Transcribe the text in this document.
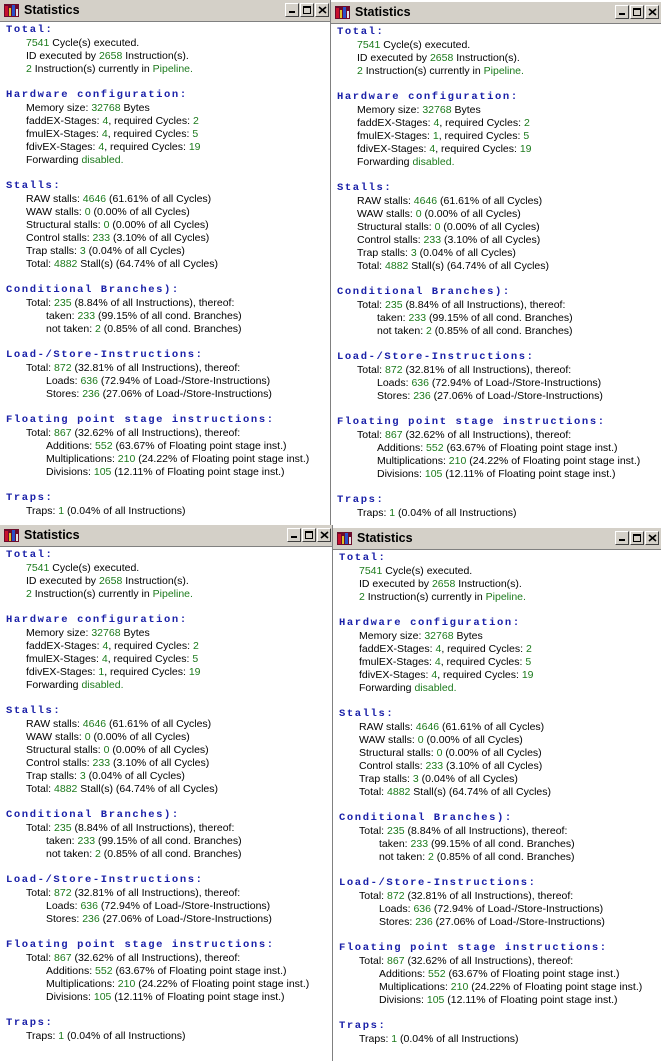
Statistics
Total:
7541 Cycle(s) executed.
ID executed by 2658 Instruction(s).
2 Instruction(s) currently in Pipeline.
Hardware configuration:
Memory size: 32768 Bytes
faddEX-Stages: 4, required Cycles: 2
fmulEX-Stages: 4, required Cycles: 5
fdivEX-Stages: 4, required Cycles: 19
Forwarding disabled.
Stalls:
RAW stalls: 4646 (61.61% of all Cycles)
WAW stalls: 0 (0.00% of all Cycles)
Structural stalls: 0 (0.00% of all Cycles)
Control stalls: 233 (3.10% of all Cycles)
Trap stalls: 3 (0.04% of all Cycles)
Total: 4882 Stall(s) (64.74% of all Cycles)
Conditional Branches):
Total: 235 (8.84% of all Instructions), thereof:
taken: 233 (99.15% of all cond. Branches)
not taken: 2 (0.85% of all cond. Branches)
Load-/Store-Instructions:
Total: 872 (32.81% of all Instructions), thereof:
Loads: 636 (72.94% of Load-/Store-Instructions)
Stores: 236 (27.06% of Load-/Store-Instructions)
Floating point stage instructions:
Total: 867 (32.62% of all Instructions), thereof:
Additions: 552 (63.67% of Floating point stage inst.)
Multiplications: 210 (24.22% of Floating point stage inst.)
Divisions: 105 (12.11% of Floating point stage inst.)
Traps:
Traps: 1 (0.04% of all Instructions)
Statistics
Total:
7541 Cycle(s) executed.
ID executed by 2658 Instruction(s).
2 Instruction(s) currently in Pipeline.
Hardware configuration:
Memory size: 32768 Bytes
faddEX-Stages: 4, required Cycles: 2
fmulEX-Stages: 1, required Cycles: 5
fdivEX-Stages: 4, required Cycles: 19
Forwarding disabled.
Stalls:
RAW stalls: 4646 (61.61% of all Cycles)
WAW stalls: 0 (0.00% of all Cycles)
Structural stalls: 0 (0.00% of all Cycles)
Control stalls: 233 (3.10% of all Cycles)
Trap stalls: 3 (0.04% of all Cycles)
Total: 4882 Stall(s) (64.74% of all Cycles)
Conditional Branches):
Total: 235 (8.84% of all Instructions), thereof:
taken: 233 (99.15% of all cond. Branches)
not taken: 2 (0.85% of all cond. Branches)
Load-/Store-Instructions:
Total: 872 (32.81% of all Instructions), thereof:
Loads: 636 (72.94% of Load-/Store-Instructions)
Stores: 236 (27.06% of Load-/Store-Instructions)
Floating point stage instructions:
Total: 867 (32.62% of all Instructions), thereof:
Additions: 552 (63.67% of Floating point stage inst.)
Multiplications: 210 (24.22% of Floating point stage inst.)
Divisions: 105 (12.11% of Floating point stage inst.)
Traps:
Traps: 1 (0.04% of all Instructions)
Statistics
Total:
7541 Cycle(s) executed.
ID executed by 2658 Instruction(s).
2 Instruction(s) currently in Pipeline.
Hardware configuration:
Memory size: 32768 Bytes
faddEX-Stages: 4, required Cycles: 2
fmulEX-Stages: 4, required Cycles: 5
fdivEX-Stages: 1, required Cycles: 19
Forwarding disabled.
Stalls:
RAW stalls: 4646 (61.61% of all Cycles)
WAW stalls: 0 (0.00% of all Cycles)
Structural stalls: 0 (0.00% of all Cycles)
Control stalls: 233 (3.10% of all Cycles)
Trap stalls: 3 (0.04% of all Cycles)
Total: 4882 Stall(s) (64.74% of all Cycles)
Conditional Branches):
Total: 235 (8.84% of all Instructions), thereof:
taken: 233 (99.15% of all cond. Branches)
not taken: 2 (0.85% of all cond. Branches)
Load-/Store-Instructions:
Total: 872 (32.81% of all Instructions), thereof:
Loads: 636 (72.94% of Load-/Store-Instructions)
Stores: 236 (27.06% of Load-/Store-Instructions)
Floating point stage instructions:
Total: 867 (32.62% of all Instructions), thereof:
Additions: 552 (63.67% of Floating point stage inst.)
Multiplications: 210 (24.22% of Floating point stage inst.)
Divisions: 105 (12.11% of Floating point stage inst.)
Traps:
Traps: 1 (0.04% of all Instructions)
Statistics
Total:
7541 Cycle(s) executed.
ID executed by 2658 Instruction(s).
2 Instruction(s) currently in Pipeline.
Hardware configuration:
Memory size: 32768 Bytes
faddEX-Stages: 4, required Cycles: 2
fmulEX-Stages: 4, required Cycles: 5
fdivEX-Stages: 4, required Cycles: 19
Forwarding disabled.
Stalls:
RAW stalls: 4646 (61.61% of all Cycles)
WAW stalls: 0 (0.00% of all Cycles)
Structural stalls: 0 (0.00% of all Cycles)
Control stalls: 233 (3.10% of all Cycles)
Trap stalls: 3 (0.04% of all Cycles)
Total: 4882 Stall(s) (64.74% of all Cycles)
Conditional Branches):
Total: 235 (8.84% of all Instructions), thereof:
taken: 233 (99.15% of all cond. Branches)
not taken: 2 (0.85% of all cond. Branches)
Load-/Store-Instructions:
Total: 872 (32.81% of all Instructions), thereof:
Loads: 636 (72.94% of Load-/Store-Instructions)
Stores: 236 (27.06% of Load-/Store-Instructions)
Floating point stage instructions:
Total: 867 (32.62% of all Instructions), thereof:
Additions: 552 (63.67% of Floating point stage inst.)
Multiplications: 210 (24.22% of Floating point stage inst.)
Divisions: 105 (12.11% of Floating point stage inst.)
Traps:
Traps: 1 (0.04% of all Instructions)
